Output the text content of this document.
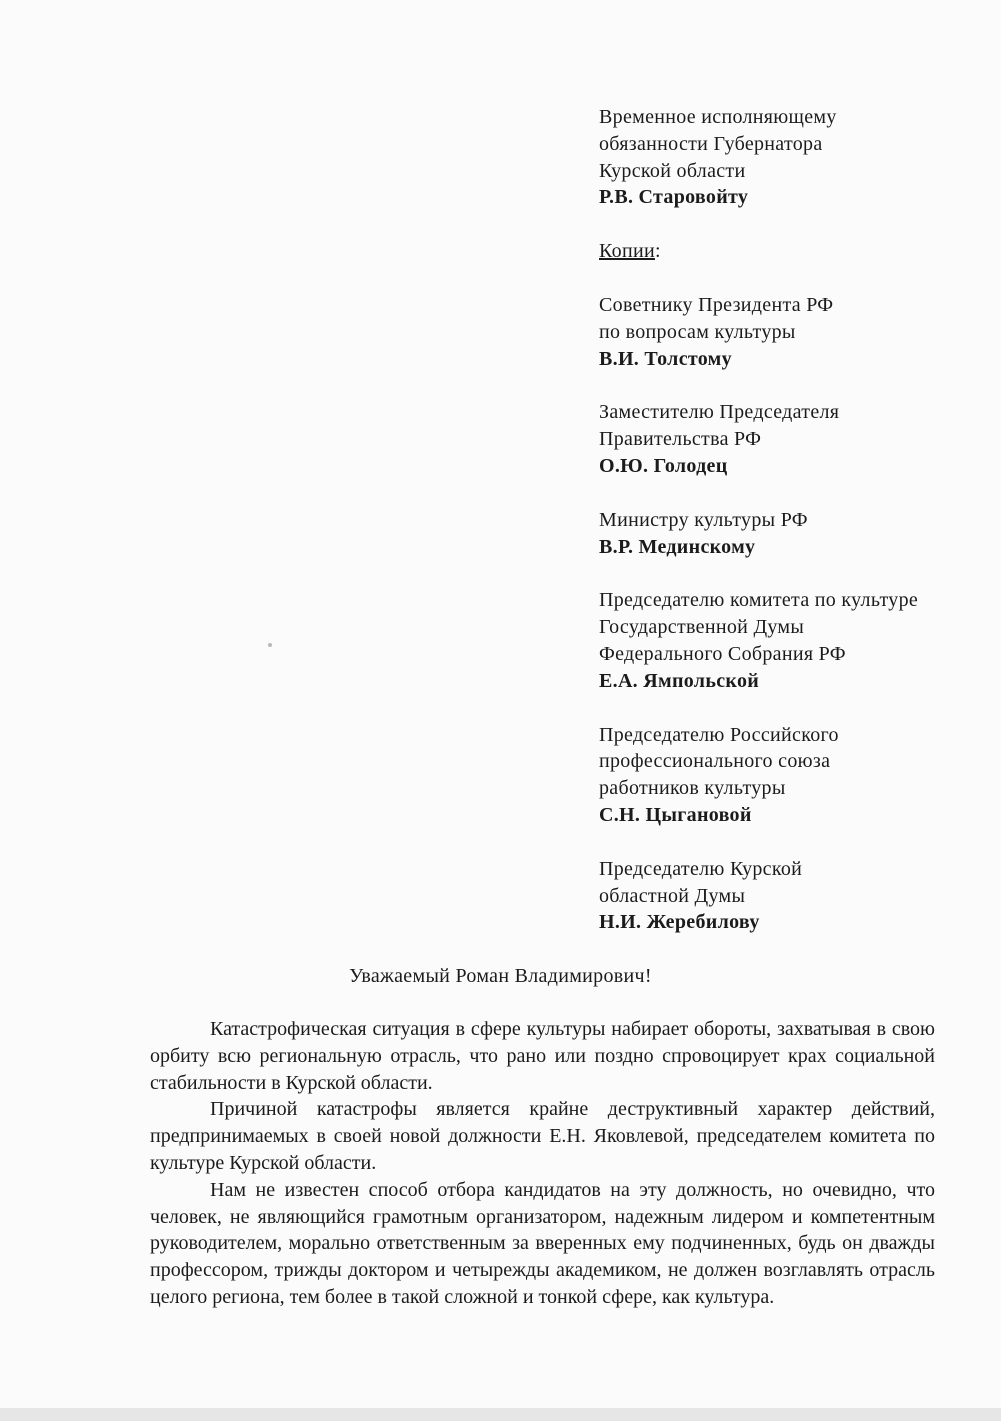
Временное исполняющему
обязанности Губернатора
Курской области
Р.В. Старовойту
Копии:
Советнику Президента РФ
по вопросам культуры
В.И. Толстому
Заместителю Председателя
Правительства РФ
О.Ю. Голодец
Министру культуры РФ
В.Р. Мединскому
Председателю комитета по культуре
Государственной Думы
Федерального Собрания РФ
Е.А. Ямпольской
Председателю Российского
профессионального союза
работников культуры
С.Н. Цыгановой
Председателю Курской
областной Думы
Н.И. Жеребилову
Уважаемый Роман Владимирович!

Катастрофическая ситуация в сфере культуры набирает обороты, захватывая в свою орбиту всю региональную отрасль, что рано или поздно спровоцирует крах социальной стабильности в Курской области.

Причиной катастрофы является крайне деструктивный характер действий, предпринимаемых в своей новой должности Е.Н. Яковлевой, председателем комитета по культуре Курской области.

Нам не известен способ отбора кандидатов на эту должность, но очевидно, что человек, не являющийся грамотным организатором, надежным лидером и компетентным руководителем, морально ответственным за вверенных ему подчиненных, будь он дважды профессором, трижды доктором и четырежды академиком, не должен возглавлять отрасль целого региона, тем более в такой сложной и тонкой сфере, как культура.
